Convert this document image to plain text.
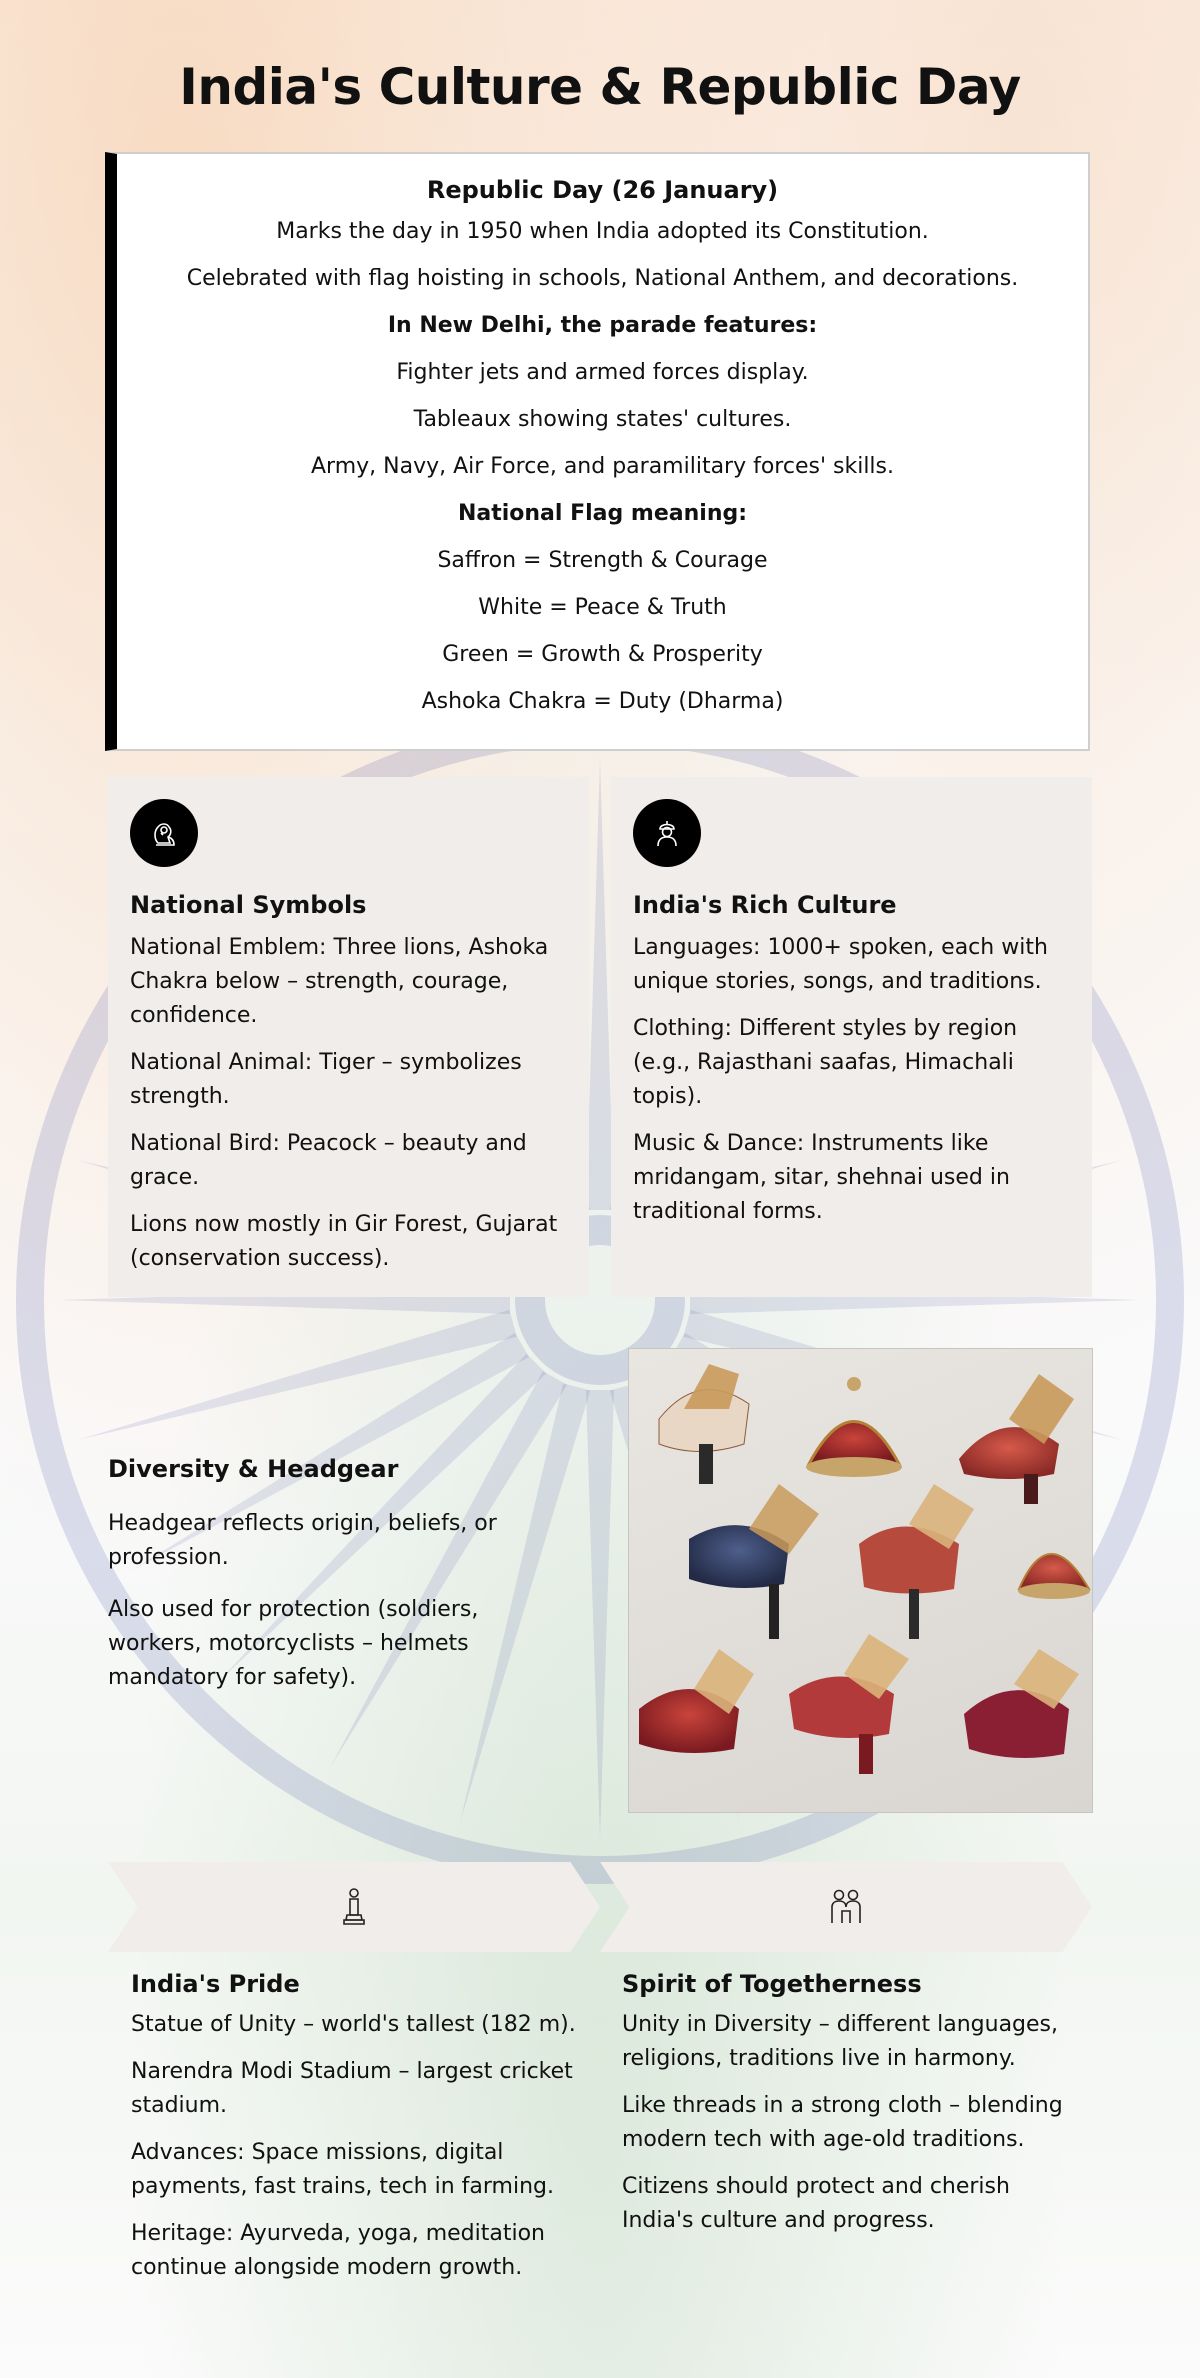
India's Culture & Republic Day
Republic Day (26 January)

Marks the day in 1950 when India adopted its Constitution.

Celebrated with flag hoisting in schools, National Anthem, and decorations.

In New Delhi, the parade features:

Fighter jets and armed forces display.

Tableaux showing states' cultures.

Army, Navy, Air Force, and paramilitary forces' skills.

National Flag meaning:

Saffron = Strength & Courage

White = Peace & Truth

Green = Growth & Prosperity

Ashoka Chakra = Duty (Dharma)

National Symbols

National Emblem: Three lions, Ashoka Chakra below – strength, courage, confidence.

National Animal: Tiger – symbolizes strength.

National Bird: Peacock – beauty and grace.

Lions now mostly in Gir Forest, Gujarat (conservation success).

India's Rich Culture

Languages: 1000+ spoken, each with unique stories, songs, and traditions.

Clothing: Different styles by region (e.g., Rajasthani saafas, Himachali topis).

Music & Dance: Instruments like mridangam, sitar, shehnai used in traditional forms.

Diversity & Headgear

Headgear reflects origin, beliefs, or profession.

Also used for protection (soldiers, workers, motorcyclists – helmets mandatory for safety).

India's Pride

Statue of Unity – world's tallest (182 m).

Narendra Modi Stadium – largest cricket stadium.

Advances: Space missions, digital payments, fast trains, tech in farming.

Heritage: Ayurveda, yoga, meditation continue alongside modern growth.

Spirit of Togetherness

Unity in Diversity – different languages, religions, traditions live in harmony.

Like threads in a strong cloth – blending modern tech with age-old traditions.

Citizens should protect and cherish India's culture and progress.
